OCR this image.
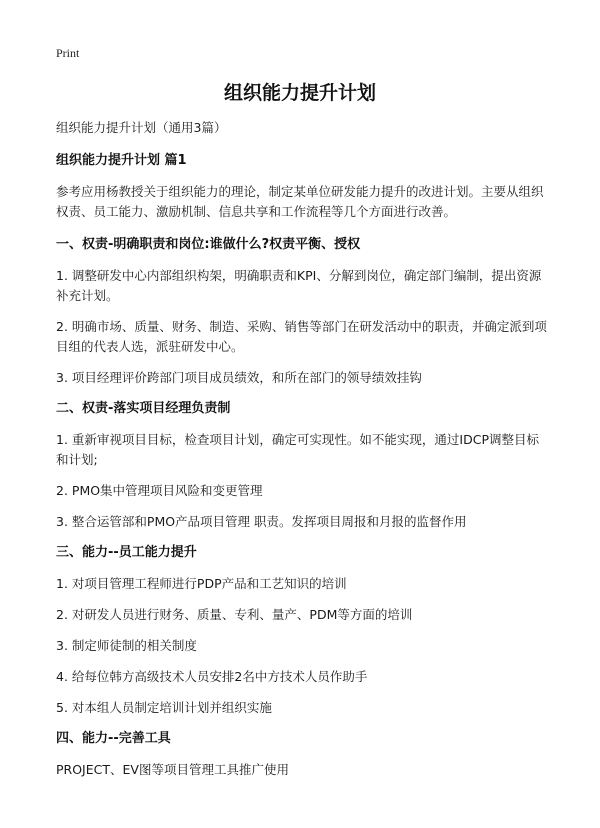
Print
组织能力提升计划
组织能力提升计划（通用3篇）
组织能力提升计划 篇1
参考应用杨教授关于组织能力的理论，制定某单位研发能力提升的改进计划。主要从组织权责、员工能力、激励机制、信息共享和工作流程等几个方面进行改善。
一、权责-明确职责和岗位:谁做什么?权责平衡、授权
1. 调整研发中心内部组织构架，明确职责和KPI、分解到岗位，确定部门编制，提出资源补充计划。
2. 明确市场、质量、财务、制造、采购、销售等部门在研发活动中的职责，并确定派到项目组的代表人选，派驻研发中心。
3. 项目经理评价跨部门项目成员绩效，和所在部门的领导绩效挂钩
二、权责-落实项目经理负责制
1. 重新审视项目目标，检查项目计划，确定可实现性。如不能实现，通过IDCP调整目标和计划;
2. PMO集中管理项目风险和变更管理
3. 整合运管部和PMO产品项目管理 职责。发挥项目周报和月报的监督作用
三、能力--员工能力提升
1. 对项目管理工程师进行PDP产品和工艺知识的培训
2. 对研发人员进行财务、质量、专利、量产、PDM等方面的培训
3. 制定师徒制的相关制度
4. 给每位韩方高级技术人员安排2名中方技术人员作助手
5. 对本组人员制定培训计划并组织实施
四、能力--完善工具
PROJECT、EV图等项目管理工具推广使用
